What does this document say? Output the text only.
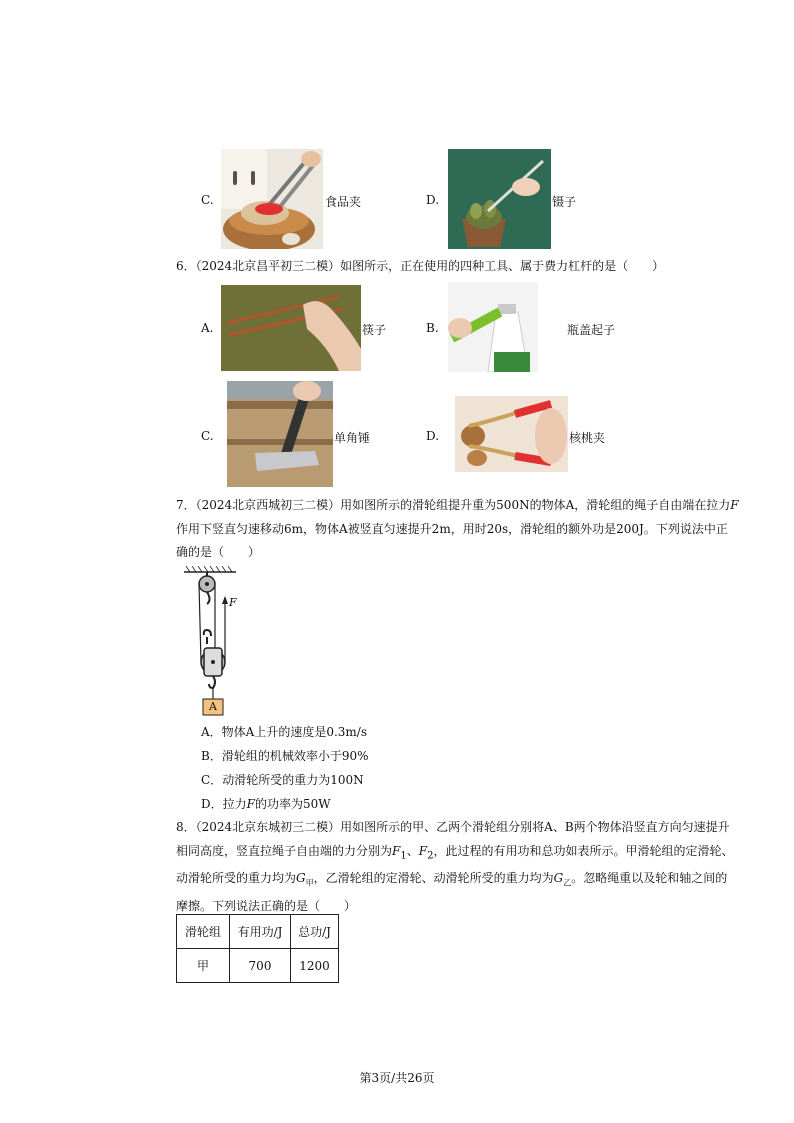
C.	食品夹	D.	镊子
6．（2024北京昌平初三二模）如图所示，正在使用的四种工具、属于费力杠杆的是（　　）
A.	筷子	B.	瓶盖起子
C.	单角锤	D.	核桃夹
7．（2024北京西城初三二模）用如图所示的滑轮组提升重为500N的物体A，滑轮组的绳子自由端在拉力F
作用下竖直匀速移动6m，物体A被竖直匀速提升2m，用时20s，滑轮组的额外功是200J。下列说法中正
确的是（　　）
F
A
A．物体A上升的速度是0.3m/s
B．滑轮组的机械效率小于90%
C．动滑轮所受的重力为100N
D．拉力F的功率为50W
8．（2024北京东城初三二模）用如图所示的甲、乙两个滑轮组分别将A、B两个物体沿竖直方向匀速提升
相同高度，竖直拉绳子自由端的力分别为$F_1$、$F_2$，此过程的有用功和总功如表所示。甲滑轮组的定滑轮、
动滑轮所受的重力均为$G_甲$，乙滑轮组的定滑轮、动滑轮所受的重力均为$G_乙$。忽略绳重以及轮和轴之间的
摩擦。下列说法正确的是（　　）
滑轮组	有用功/J	总功/J
甲	700	1200
第3页/共26页
